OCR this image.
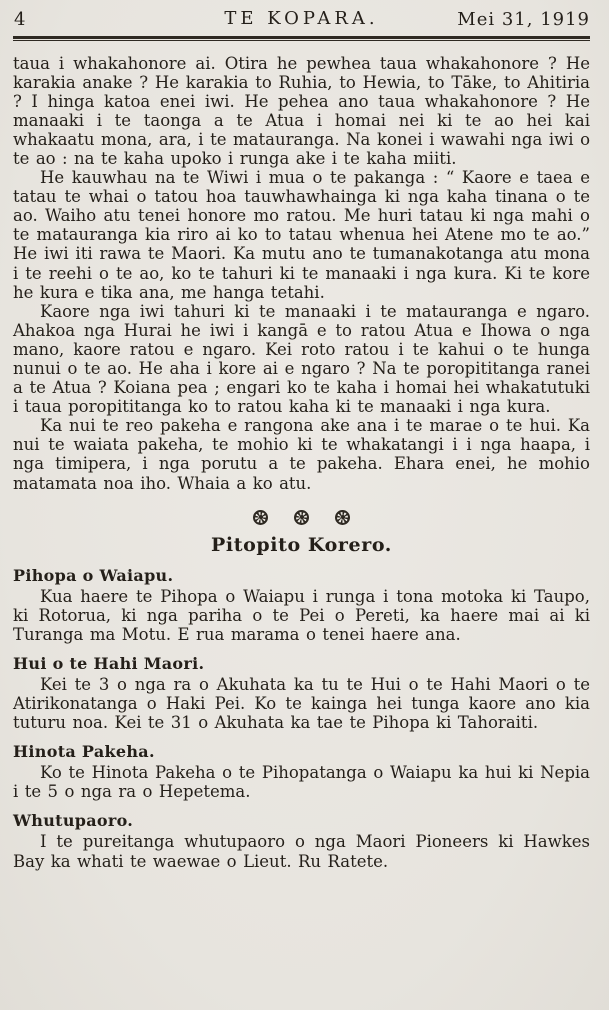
4	TE KOPARA.	Mei 31, 1919

taua i whakahonore ai. Otira he pewhea taua whakahonore ? He karakia anake ? He karakia to Ruhia, to Hewia, to Tāke, to Ahitiria ? I hinga katoa enei iwi. He pehea ano taua whakahonore ? He manaaki i te taonga a te Atua i homai nei ki te ao hei kai whakaatu mona, ara, i te matauranga. Na konei i wawahi nga iwi o te ao : na te kaha upoko i runga ake i te kaha miiti.

He kauwhau na te Wiwi i mua o te pakanga : “ Kaore e taea e tatau te whai o tatou hoa tauwhawhainga ki nga kaha tinana o te ao. Waiho atu tenei honore mo ratou. Me huri tatau ki nga mahi o te matauranga kia riro ai ko to tatau whenua hei Atene mo te ao.” He iwi iti rawa te Maori. Ka mutu ano te tumanakotanga atu mona i te reehi o te ao, ko te tahuri ki te manaaki i nga kura. Ki te kore he kura e tika ana, me hanga tetahi.

Kaore nga iwi tahuri ki te manaaki i te matauranga e ngaro. Ahakoa nga Hurai he iwi i kangā e to ratou Atua e Ihowa o nga mano, kaore ratou e ngaro. Kei roto ratou i te kahui o te hunga nunui o te ao. He aha i kore ai e ngaro ? Na te poropititanga ranei a te Atua ? Koiana pea ; engari ko te kaha i homai hei whakatutuki i taua poropititanga ko to ratou kaha ki te manaaki i nga kura.

Ka nui te reo pakeha e rangona ake ana i te marae o te hui. Ka nui te waiata pakeha, te mohio ki te whakatangi i i nga haapa, i nga timipera, i nga porutu a te pakeha. Ehara enei, he mohio matamata noa iho. Whaia a ko atu.

Pitopito Korero.
Pihopa o Waiapu.

Kua haere te Pihopa o Waiapu i runga i tona motoka ki Taupo, ki Rotorua, ki nga pariha o te Pei o Pereti, ka haere mai ai ki Turanga ma Motu. E rua marama o tenei haere ana.

Hui o te Hahi Maori.

Kei te 3 o nga ra o Akuhata ka tu te Hui o te Hahi Maori o te Atirikonatanga o Haki Pei. Ko te kainga hei tunga kaore ano kia tuturu noa. Kei te 31 o Akuhata ka tae te Pihopa ki Tahoraiti.

Hinota Pakeha.

Ko te Hinota Pakeha o te Pihopatanga o Waiapu ka hui ki Nepia i te 5 o nga ra o Hepetema.

Whutupaoro.

I te pureitanga whutupaoro o nga Maori Pioneers ki Hawkes Bay ka whati te waewae o Lieut. Ru Ratete.
